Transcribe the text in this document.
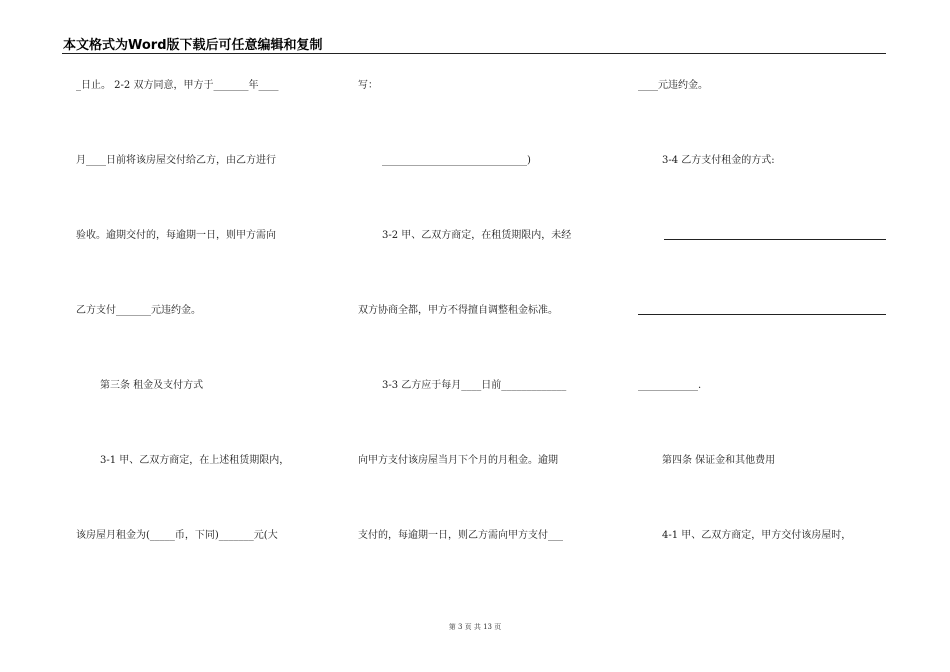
本文格式为Word版下载后可任意编辑和复制
_日止。 2-2 双方同意，甲方于_______年____
月____日前将该房屋交付给乙方，由乙方进行
验收。逾期交付的，每逾期一日，则甲方需向
乙方支付_______元违约金。
第三条 租金及支付方式
3-1 甲、乙双方商定，在上述租赁期限内，
该房屋月租金为(_____币，下同)_______元(大
写：
_____________________________)
3-2 甲、乙双方商定，在租赁期限内，未经
双方协商全都，甲方不得擅自调整租金标准。
3-3 乙方应于每月____日前_____________
向甲方支付该房屋当月下个月的月租金。逾期
支付的，每逾期一日，则乙方需向甲方支付___
____元违约金。
3-4 乙方支付租金的方式:
____________.
第四条 保证金和其他费用
4-1 甲、乙双方商定，甲方交付该房屋时，
第 3 页 共 13 页
